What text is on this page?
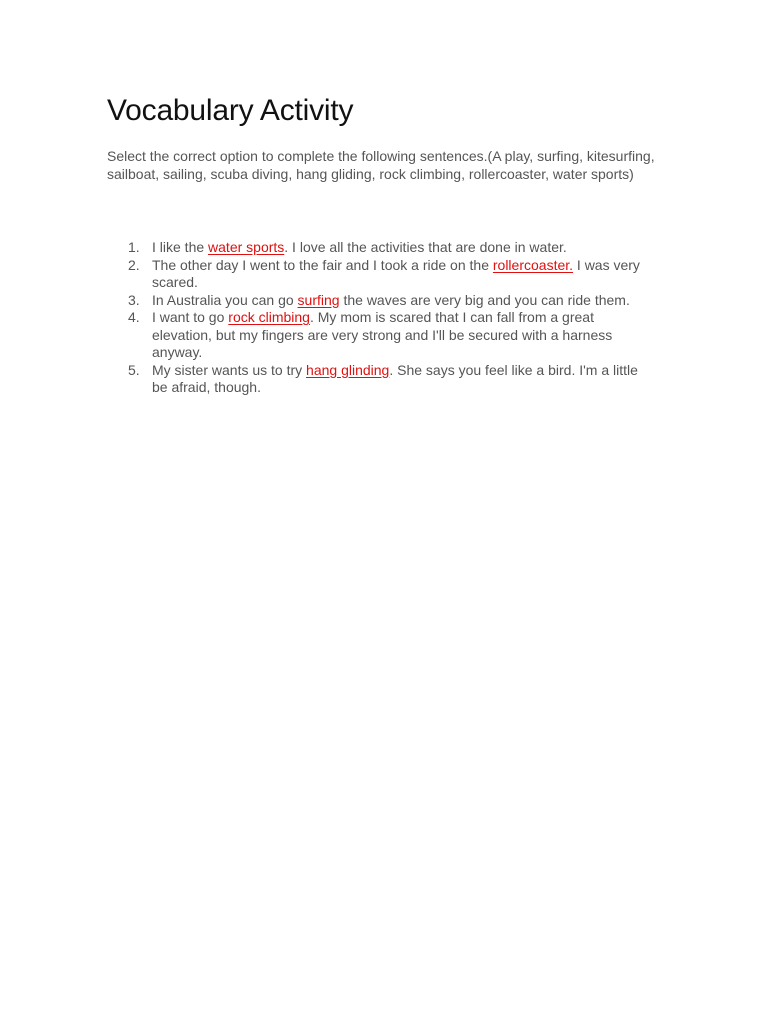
Vocabulary Activity

Select the correct option to complete the following sentences.(A play, surfing, kitesurfing, sailboat, sailing, scuba diving, hang gliding, rock climbing, rollercoaster, water sports)

1. I like the water sports. I love all the activities that are done in water.
2. The other day I went to the fair and I took a ride on the rollercoaster. I was very scared.
3. In Australia you can go surfing the waves are very big and you can ride them.
4. I want to go rock climbing. My mom is scared that I can fall from a great elevation, but my fingers are very strong and I'll be secured with a harness anyway.
5. My sister wants us to try hang glinding. She says you feel like a bird. I'm a little be afraid, though.
